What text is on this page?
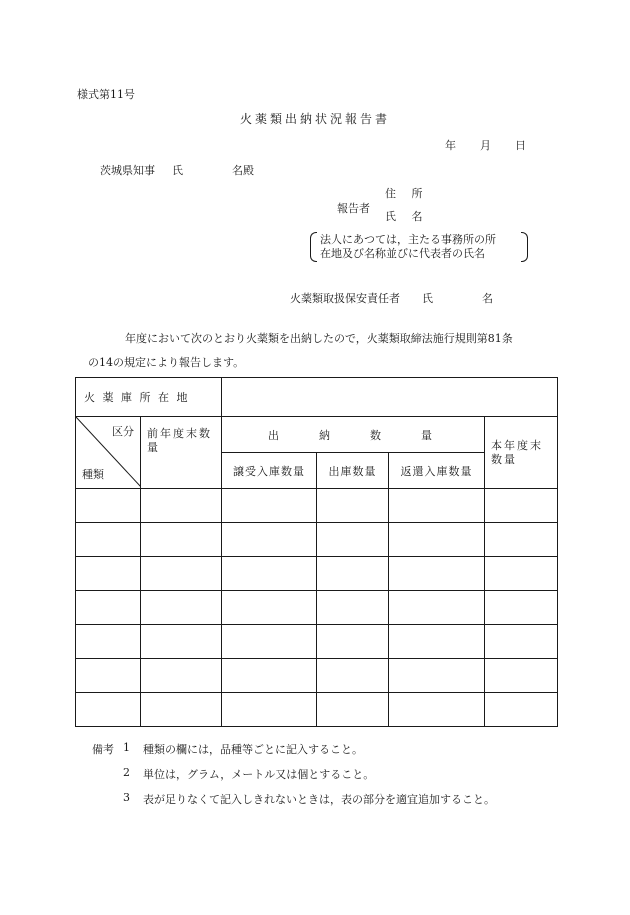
様式第11号
火薬類出納状況報告書
年 月 日
茨城県知事 氏	名殿
報告者
住 所
氏 名
法人にあつては，主たる事務所の所
在地及び名称並びに代表者の氏名
火薬類取扱保安責任者 氏	名
年度において次のとおり火薬類を出納したので，火薬類取締法施行規則第81条
の14の規定により報告します。
火 薬 庫 所 在 地					

区分
種類	前年度末数量	出　　納　　数　　量			本年度末数量
		譲受入庫数量	出庫数量	返還入庫数量	

備考 1 種類の欄には，品種等ごとに記入すること。
2 単位は，グラム，メートル又は個とすること。
3 表が足りなくて記入しきれないときは，表の部分を適宜追加すること。
